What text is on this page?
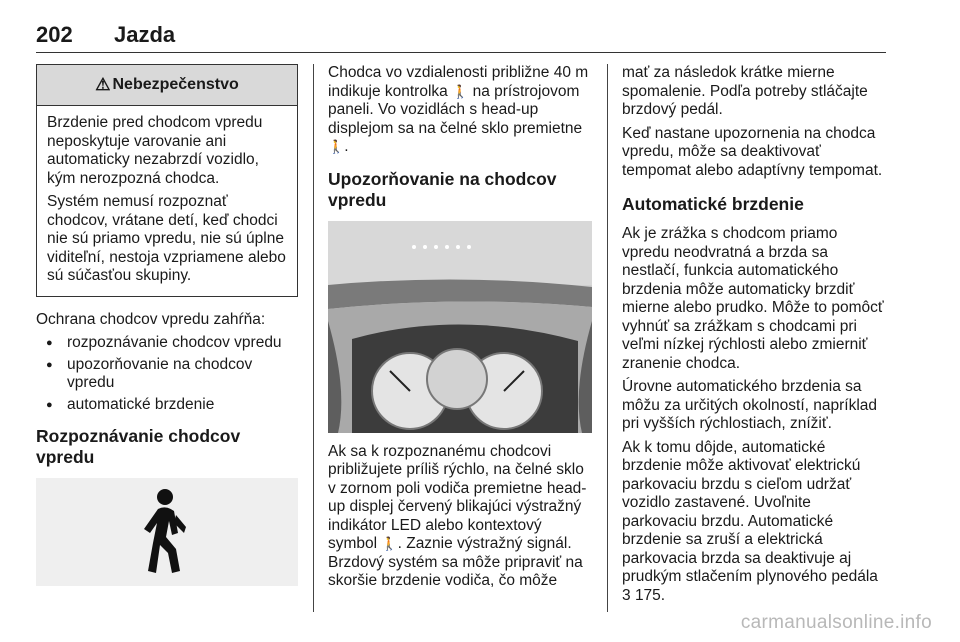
202 Jazda
⚠ Nebezpečenstvo

Brzdenie pred chodcom vpredu neposkytuje varovanie ani automaticky nezabrzdí vozidlo, kým nerozpozná chodca.

Systém nemusí rozpoznať chodcov, vrátane detí, keď chodci nie sú priamo vpredu, nie sú úplne viditeľní, nestoja vzpriamene alebo sú súčasťou skupiny.

Ochrana chodcov vpredu zahŕňa:

● rozpoznávanie chodcov vpredu
● upozorňovanie na chodcov vpredu
● automatické brzdenie
Rozpoznávanie chodcov vpredu

Chodca vo vzdialenosti približne 40 m indikuje kontrolka 🚶 na prístrojovom paneli. Vo vozidlách s head-up displejom sa na čelné sklo premietne 🚶.

Upozorňovanie na chodcov vpredu

Ak sa k rozpoznanému chodcovi približujete príliš rýchlo, na čelné sklo v zornom poli vodiča premietne head-up displej červený blikajúci výstražný indikátor LED alebo kontextový symbol 🚶. Zaznie výstražný signál. Brzdový systém sa môže pripraviť na skoršie brzdenie vodiča, čo môže

mať za následok krátke mierne spomalenie. Podľa potreby stláčajte brzdový pedál.

Keď nastane upozornenia na chodca vpredu, môže sa deaktivovať tempomat alebo adaptívny tempomat.

Automatické brzdenie

Ak je zrážka s chodcom priamo vpredu neodvratná a brzda sa nestlačí, funkcia automatického brzdenia môže automaticky brzdiť mierne alebo prudko. Môže to pomôcť vyhnúť sa zrážkam s chodcami pri veľmi nízkej rýchlosti alebo zmierniť zranenie chodca.

Úrovne automatického brzdenia sa môžu za určitých okolností, napríklad pri vyšších rýchlostiach, znížiť.

Ak k tomu dôjde, automatické brzdenie môže aktivovať elektrickú parkovaciu brzdu s cieľom udržať vozidlo zastavené. Uvoľnite parkovaciu brzdu. Automatické brzdenie sa zruší a elektrická parkovacia brzda sa deaktivuje aj prudkým stlačením plynového pedála 3 175.

carmanualsonline.info
